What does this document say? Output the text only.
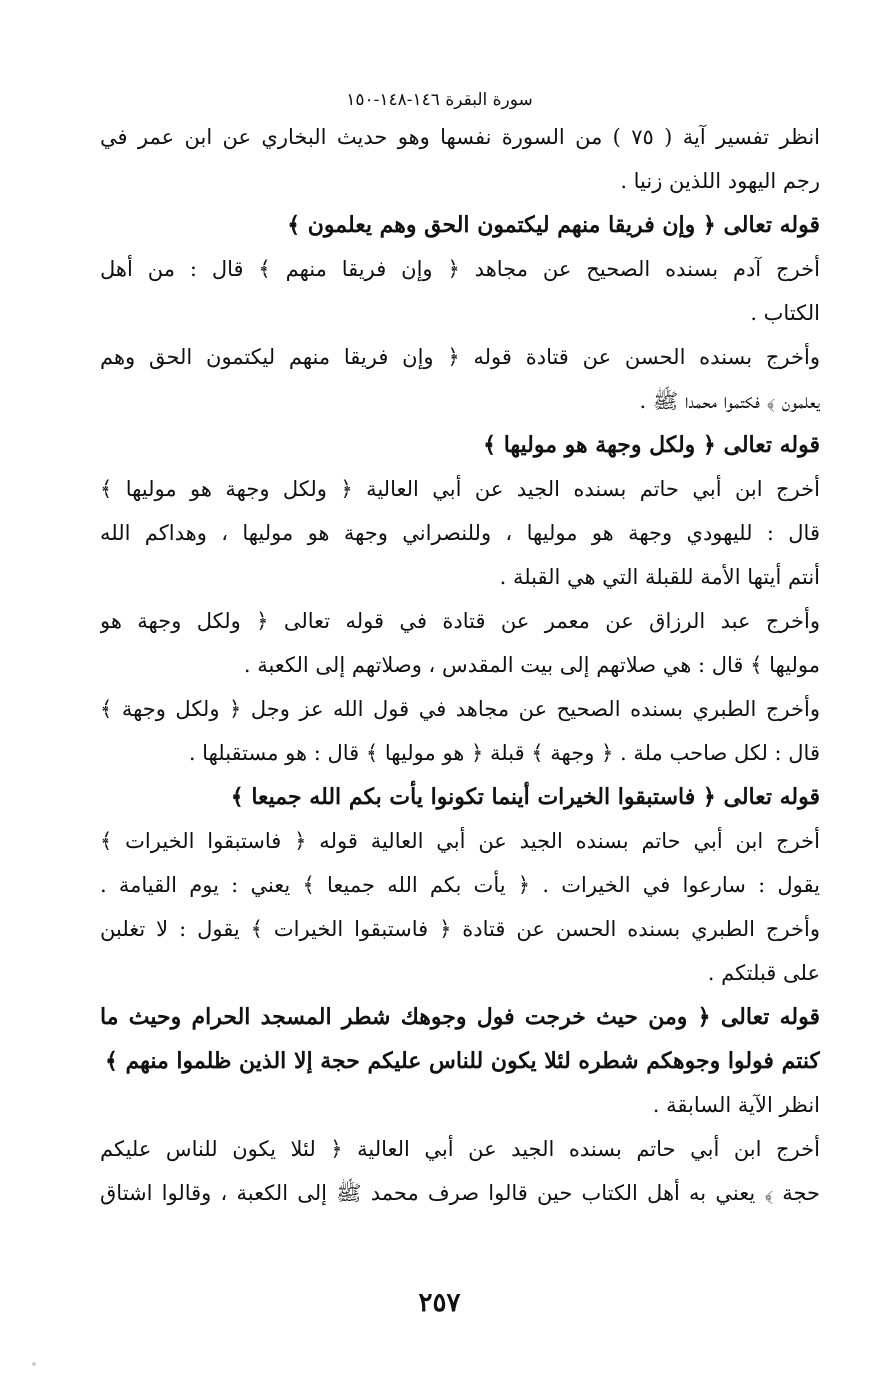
سورة البقرة ١٤٦-١٤٨-١٥٠
انظر تفسير آية ( ٧٥ ) من السورة نفسها وهو حديث البخاري عن ابن عمر في
رجم اليهود اللذين زنيا .
قوله تعالى ﴿ وإن فريقا منهم ليكتمون الحق وهم يعلمون ﴾
أخرج آدم بسنده الصحيح عن مجاهد ﴿ وإن فريقا منهم ﴾ قال : من أهل
الكتاب .
وأخرج بسنده الحسن عن قتادة قوله ﴿ وإن فريقا منهم ليكتمون الحق وهم
يعلمون ﴾ فكتموا محمدا ﷺ .
قوله تعالى ﴿ ولكل وجهة هو موليها ﴾
أخرج ابن أبي حاتم بسنده الجيد عن أبي العالية ﴿ ولكل وجهة هو موليها ﴾
قال : لليهودي وجهة هو موليها ، وللنصراني وجهة هو موليها ، وهداكم الله
أنتم أيتها الأمة للقبلة التي هي القبلة .
وأخرج عبد الرزاق عن معمر عن قتادة في قوله تعالى ﴿ ولكل وجهة هو
موليها ﴾ قال : هي صلاتهم إلى بيت المقدس ، وصلاتهم إلى الكعبة .
وأخرج الطبري بسنده الصحيح عن مجاهد في قول الله عز وجل ﴿ ولكل وجهة ﴾
قال : لكل صاحب ملة . ﴿ وجهة ﴾ قبلة ﴿ هو موليها ﴾ قال : هو مستقبلها .
قوله تعالى ﴿ فاستبقوا الخيرات أينما تكونوا يأت بكم الله جميعا ﴾
أخرج ابن أبي حاتم بسنده الجيد عن أبي العالية قوله ﴿ فاستبقوا الخيرات ﴾
يقول : سارعوا في الخيرات . ﴿ يأت بكم الله جميعا ﴾ يعني : يوم القيامة .
وأخرج الطبري بسنده الحسن عن قتادة ﴿ فاستبقوا الخيرات ﴾ يقول : لا تغلبن
على قبلتكم .
قوله تعالى ﴿ ومن حيث خرجت فول وجوهك شطر المسجد الحرام وحيث ما
كنتم فولوا وجوهكم شطره لئلا يكون للناس عليكم حجة إلا الذين ظلموا منهم ﴾
انظر الآية السابقة .
أخرج ابن أبي حاتم بسنده الجيد عن أبي العالية ﴿ لئلا يكون للناس عليكم
حجة ﴾ يعني به أهل الكتاب حين قالوا صرف محمد ﷺ إلى الكعبة ، وقالوا اشتاق
٢٥٧
